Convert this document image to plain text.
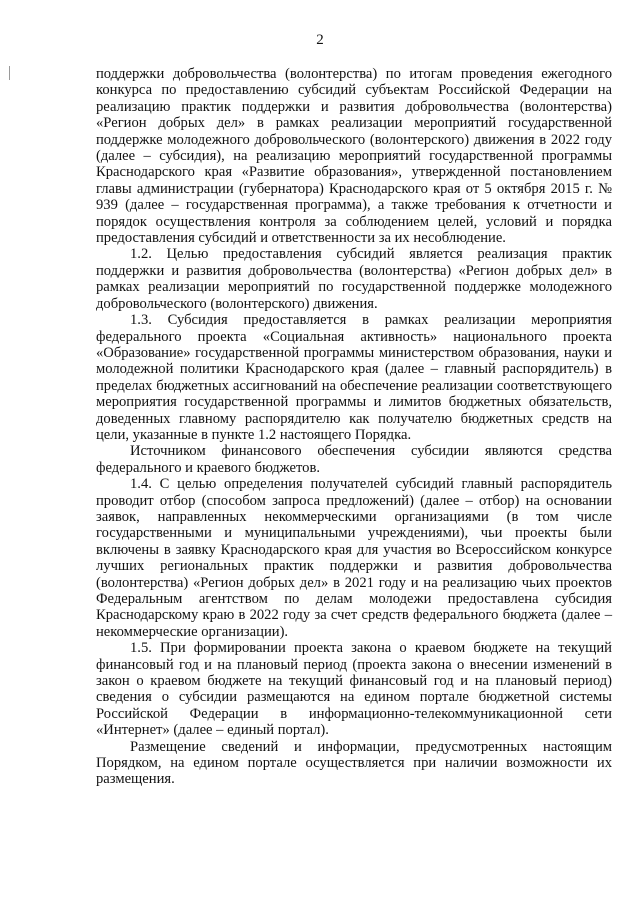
2

поддержки добровольчества (волонтерства) по итогам проведения ежегодного конкурса по предоставлению субсидий субъектам Российской Федерации на реализацию практик поддержки и развития добровольчества (волонтерства) «Регион добрых дел» в рамках реализации мероприятий государственной поддержке молодежного добровольческого (волонтерского) движения в 2022 году (далее – субсидия), на реализацию мероприятий государственной программы Краснодарского края «Развитие образования», утвержденной постановлением главы администрации (губернатора) Краснодарского края от 5 октября 2015 г. № 939 (далее – государственная программа), а также требования к отчетности и порядок осуществления контроля за соблюдением целей, условий и порядка предоставления субсидий и ответственности за их несоблюдение.

1.2. Целью предоставления субсидий является реализация практик поддержки и развития добровольчества (волонтерства) «Регион добрых дел» в рамках реализации мероприятий по государственной поддержке молодежного добровольческого (волонтерского) движения.

1.3. Субсидия предоставляется в рамках реализации мероприятия федерального проекта «Социальная активность» национального проекта «Образование» государственной программы министерством образования, науки и молодежной политики Краснодарского края (далее – главный распорядитель) в пределах бюджетных ассигнований на обеспечение реализации соответствующего мероприятия государственной программы и лимитов бюджетных обязательств, доведенных главному распорядителю как получателю бюджетных средств на цели, указанные в пункте 1.2 настоящего Порядка.

Источником финансового обеспечения субсидии являются средства федерального и краевого бюджетов.

1.4. С целью определения получателей субсидий главный распорядитель проводит отбор (способом запроса предложений) (далее – отбор) на основании заявок, направленных некоммерческими организациями (в том числе государственными и муниципальными учреждениями), чьи проекты были включены в заявку Краснодарского края для участия во Всероссийском конкурсе лучших региональных практик поддержки и развития добровольчества (волонтерства) «Регион добрых дел» в 2021 году и на реализацию чьих проектов Федеральным агентством по делам молодежи предоставлена субсидия Краснодарскому краю в 2022 году за счет средств федерального бюджета (далее – некоммерческие организации).

1.5. При формировании проекта закона о краевом бюджете на текущий финансовый год и на плановый период (проекта закона о внесении изменений в закон о краевом бюджете на текущий финансовый год и на плановый период) сведения о субсидии размещаются на едином портале бюджетной системы Российской Федерации в информационно-телекоммуникационной сети «Интернет» (далее – единый портал).

Размещение сведений и информации, предусмотренных настоящим Порядком, на едином портале осуществляется при наличии возможности их размещения.
